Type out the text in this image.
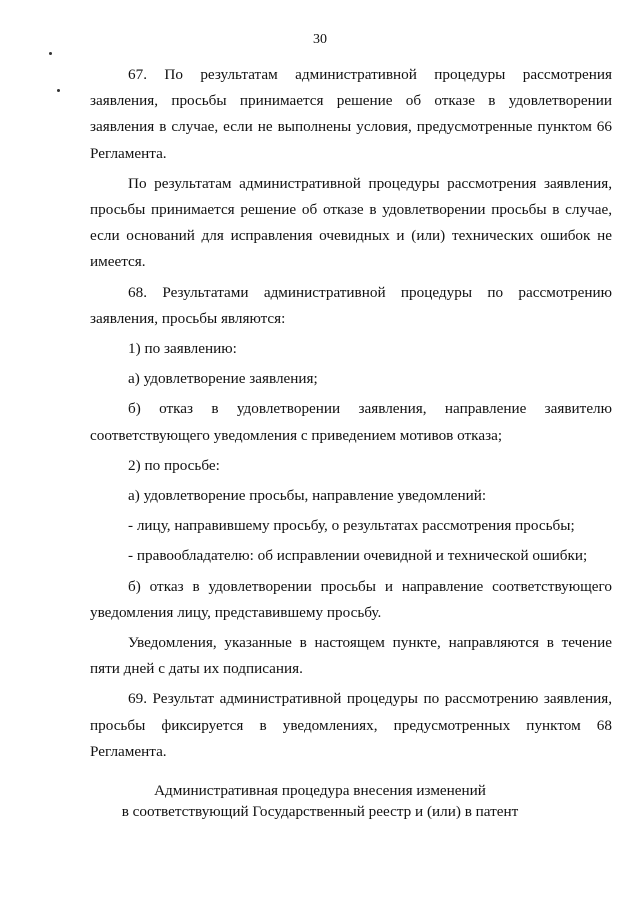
30

67. По результатам административной процедуры рассмотрения заявления, просьбы принимается решение об отказе в удовлетворении заявления в случае, если не выполнены условия, предусмотренные пунктом 66 Регламента.

По результатам административной процедуры рассмотрения заявления, просьбы принимается решение об отказе в удовлетворении просьбы в случае, если оснований для исправления очевидных и (или) технических ошибок не имеется.

68. Результатами административной процедуры по рассмотрению заявления, просьбы являются:

1) по заявлению:

а) удовлетворение заявления;

б) отказ в удовлетворении заявления, направление заявителю соответствующего уведомления с приведением мотивов отказа;

2) по просьбе:

а) удовлетворение просьбы, направление уведомлений:

- лицу, направившему просьбу, о результатах рассмотрения просьбы;

- правообладателю: об исправлении очевидной и технической ошибки;

б) отказ в удовлетворении просьбы и направление соответствующего уведомления лицу, представившему просьбу.

Уведомления, указанные в настоящем пункте, направляются в течение пяти дней с даты их подписания.

69. Результат административной процедуры по рассмотрению заявления, просьбы фиксируется в уведомлениях, предусмотренных пунктом 68 Регламента.

Административная процедура внесения изменений
в соответствующий Государственный реестр и (или) в патент
